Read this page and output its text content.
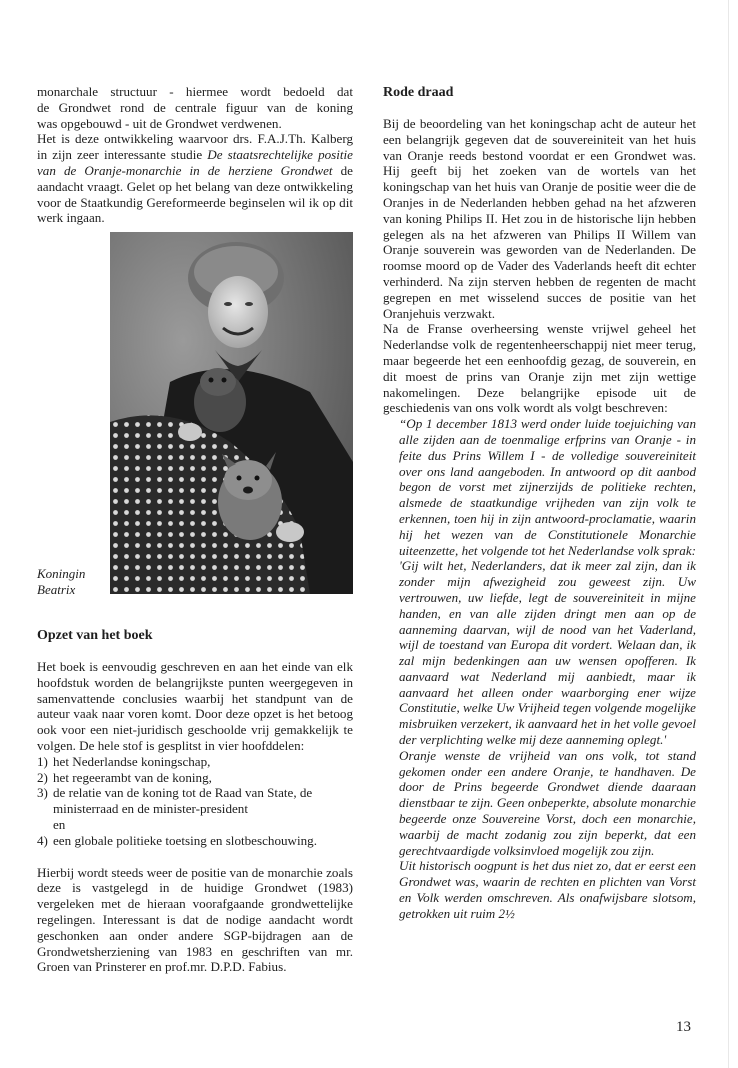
monarchale structuur - hiermee wordt bedoeld dat

de Grondwet rond de centrale figuur van de koning

was opgebouwd - uit de Grondwet verdwenen.

Het is deze ontwikkeling waarvoor drs. F.A.J.Th. Kalberg in zijn zeer interessante studie De staatsrechtelijke positie van de Oranje-monarchie in de herziene Grondwet de aandacht vraagt. Gelet op het belang van deze ontwikkeling voor de Staatkundig Gereformeerde beginselen wil ik op dit werk ingaan.

Koningin
Beatrix
Opzet van het boek

Het boek is eenvoudig geschreven en aan het einde van elk hoofdstuk worden de belangrijkste punten weergegeven in samenvattende conclusies waarbij het standpunt van de auteur vaak naar voren komt. Door deze opzet is het betoog ook voor een niet-juridisch geschoolde vrij gemakkelijk te volgen. De hele stof is gesplitst in vier hoofddelen:

1) het Nederlandse koningschap,
2) het regeerambt van de koning,
3) de relatie van de koning tot de Raad van State, de ministerraad en de minister-president
en
4) een globale politieke toetsing en slotbeschouwing.

Hierbij wordt steeds weer de positie van de monarchie zoals deze is vastgelegd in de huidige Grondwet (1983) vergeleken met de hieraan voorafgaande grondwettelijke regelingen. Interessant is dat de nodige aandacht wordt geschonken aan onder andere SGP-bijdragen aan de Grondwetsherziening van 1983 en geschriften van mr. Groen van Prinsterer en prof.mr. D.P.D. Fabius.

Rode draad

Bij de beoordeling van het koningschap acht de auteur het een belangrijk gegeven dat de souvereiniteit van het huis van Oranje reeds bestond voordat er een Grondwet was. Hij geeft bij het zoeken van de wortels van het koningschap van het huis van Oranje de positie weer die de Oranjes in de Nederlanden hebben gehad na het afzweren van koning Philips II. Het zou in de historische lijn hebben gelegen als na het afzweren van Philips II Willem van Oranje souverein was geworden van de Nederlanden. De roomse moord op de Vader des Vaderlands heeft dit echter verhinderd. Na zijn sterven hebben de regenten de macht gegrepen en met wisselend succes de positie van het Oranjehuis verzwakt.

Na de Franse overheersing wenste vrijwel geheel het Nederlandse volk de regentenheerschappij niet meer terug, maar begeerde het een eenhoofdig gezag, de souverein, en dit moest de prins van Oranje zijn met zijn wettige nakomelingen. Deze belangrijke episode uit de geschiedenis van ons volk wordt als volgt beschreven:

“Op 1 december 1813 werd onder luide toejuiching van alle zijden aan de toenmalige erfprins van Oranje - in feite dus Prins Willem I - de volledige souvereiniteit over ons land aangeboden. In antwoord op dit aanbod begon de vorst met zijnerzijds de politieke rechten, alsmede de staatkundige vrijheden van zijn volk te erkennen, toen hij in zijn antwoord-proclamatie, waarin hij het wezen van de Constitutionele Monarchie uiteenzette, het volgende tot het Nederlandse volk sprak: 'Gij wilt het, Nederlanders, dat ik meer zal zijn, dan ik zonder mijn afwezigheid zou geweest zijn. Uw vertrouwen, uw liefde, legt de souvereiniteit in mijne handen, en van alle zijden dringt men aan op de aanneming daarvan, wijl de nood van het Vaderland, wijl de toestand van Europa dit vordert. Welaan dan, ik zal mijn bedenkingen aan uw wensen opofferen. Ik aanvaard wat Nederland mij aanbiedt, maar ik aanvaard het alleen onder waarborging ener wijze Constitutie, welke Uw Vrijheid tegen volgende mogelijke misbruiken verzekert, ik aanvaard het in het volle gevoel der verplichting welke mij deze aanneming oplegt.'

Oranje wenste de vrijheid van ons volk, tot stand gekomen onder een andere Oranje, te handhaven. De door de Prins begeerde Grondwet diende daaraan dienstbaar te zijn. Geen onbeperkte, absolute monarchie begeerde onze Souvereine Vorst, doch een monarchie, waarbij de macht zodanig zou zijn beperkt, dat een gerechtvaardigde volksinvloed mogelijk zou zijn.

Uit historisch oogpunt is het dus niet zo, dat er eerst een Grondwet was, waarin de rechten en plichten van Vorst en Volk werden omschreven. Als onafwijsbare slotsom, getrokken uit ruim 2½

13
